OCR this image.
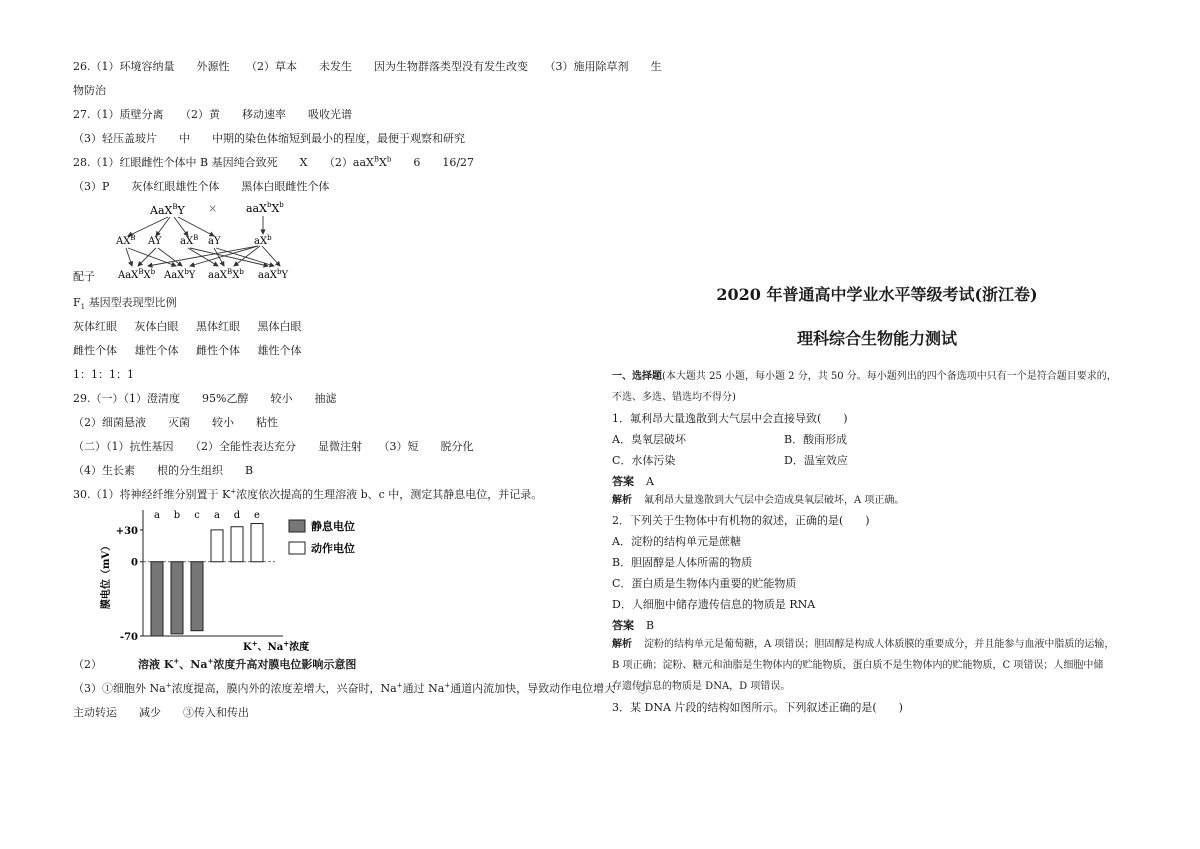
26.（1）环境容纳量　　外源性　　（2）草本　　未发生　　因为生物群落类型没有发生改变　　（3）施用除草剂　　生
物防治
27.（1）质壁分离　　（2）黄　　移动速率　　吸收光谱
（3）轻压盖玻片　　中　　中期的染色体缩短到最小的程度，最便于观察和研究
28.（1）红眼雌性个体中 B 基因纯合致死　　X　　$(2)aaX^BX^b$　　6　　16/27
（3）P　　灰体红眼雄性个体　　黑体白眼雌性个体
AaX$^B$Y ×	$aaX^bX^b$
$AX^B$ AY $aX^B$ aY	$aX^b$
$AaX^BX^b$ AaX$^b$Y $aaX^BX^b$ aaX$^b$Y
配子
$F_1$ 基因型表现型比例
灰体红眼 灰体白眼 黑体红眼 黑体白眼
雌性个体 雄性个体 雌性个体 雄性个体
1：1：1：1
29.（一）（1）澄清度　　95%乙醇　　较小　　抽滤
（2）细菌悬液　　灭菌　　较小　　粘性
（二）（1）抗性基因　　（2）全能性表达充分　　显微注射　　（3）短　　脱分化
（4）生长素　　根的分生组织　　B
30.（1）将神经纤维分别置于 K+浓度依次提高的生理溶液 b、c 中，测定其静息电位，并记录。
+30
0
-70
膜电位（mV）
a b c a d e
静息电位
动作电位
K+、Na+浓度
（2）	溶液 K+、Na+浓度升高对膜电位影响示意图
（3）①细胞外 Na+浓度提高，膜内外的浓度差增大，兴奋时，Na+通过 Na+通道内流加快，导致动作电位增大　　②
主动转运　　减少　　③传入和传出
2020 年普通高中学业水平等级考试(浙江卷)
理科综合生物能力测试
一、选择题(本大题共 25 小题，每小题 2 分，共 50 分。每小题列出的四个备选项中只有一个是符合题目要求的，
不选、多选、错选均不得分)
1．氟利昂大量逸散到大气层中会直接导致(　　)
A．臭氧层破坏	B．酸雨形成
C．水体污染	D．温室效应
答案 A
解析 氟利昂大量逸散到大气层中会造成臭氧层破坏，A 项正确。
2．下列关于生物体中有机物的叙述，正确的是(　　)
A．淀粉的结构单元是蔗糖
B．胆固醇是人体所需的物质
C．蛋白质是生物体内重要的贮能物质
D．人细胞中储存遗传信息的物质是 RNA
答案 B
解析 淀粉的结构单元是葡萄糖，A 项错误；胆固醇是构成人体质膜的重要成分，并且能参与血液中脂质的运输，
B 项正确；淀粉、糖元和油脂是生物体内的贮能物质，蛋白质不是生物体内的贮能物质，C 项错误；人细胞中储
存遗传信息的物质是 DNA，D 项错误。
3．某 DNA 片段的结构如图所示。下列叙述正确的是(　　)
